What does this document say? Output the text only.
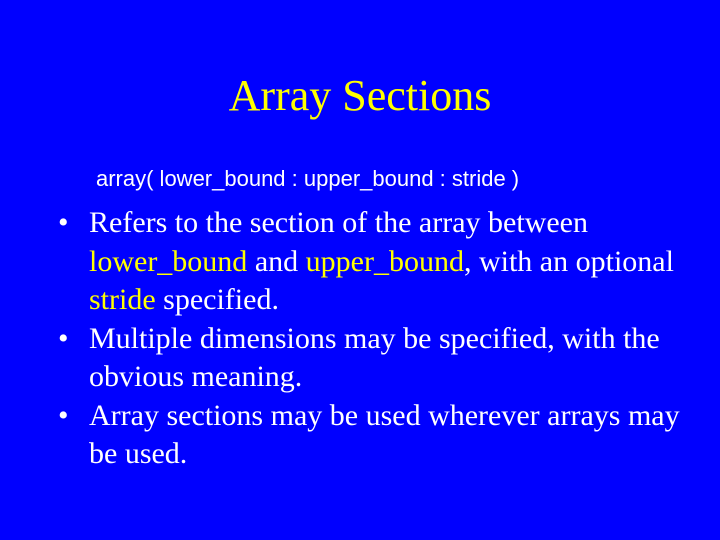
Array Sections
array( lower_bound : upper_bound : stride )
• Refers to the section of the array between lower_bound and upper_bound, with an optional stride specified.
• Multiple dimensions may be specified, with the obvious meaning.
• Array sections may be used wherever arrays may be used.
